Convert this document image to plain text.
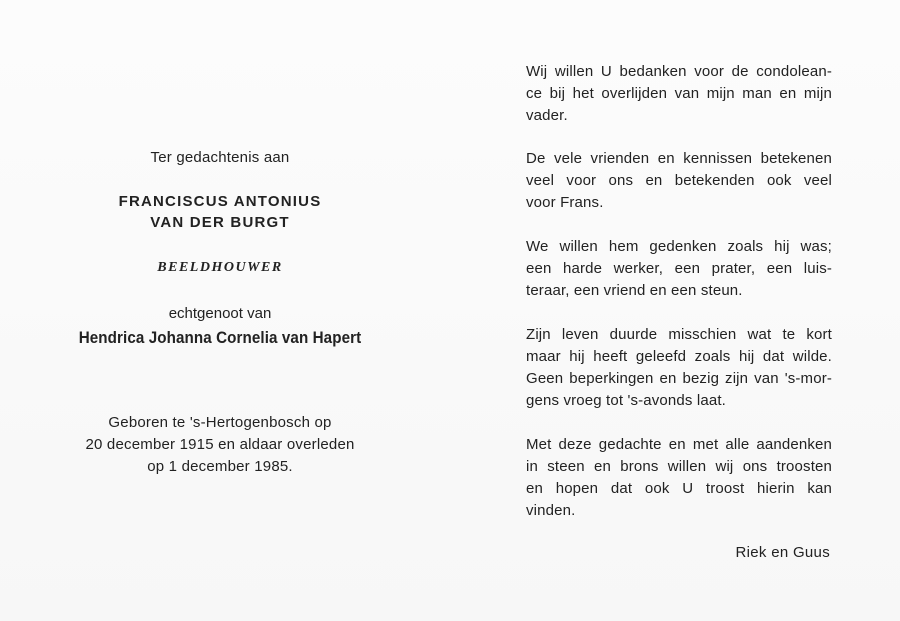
Ter gedachtenis aan
FRANCISCUS ANTONIUS
VAN DER BURGT
BEELDHOUWER
echtgenoot van
Hendrica Johanna Cornelia van Hapert
Geboren te 's-Hertogenbosch op
20 december 1915 en aldaar overleden
op 1 december 1985.
Wij willen U bedanken voor de condolean-
ce bij het overlijden van mijn man en mijn
vader.
De vele vrienden en kennissen betekenen
veel voor ons en betekenden ook veel
voor Frans.
We willen hem gedenken zoals hij was;
een harde werker, een prater, een luis-
teraar, een vriend en een steun.
Zijn leven duurde misschien wat te kort
maar hij heeft geleefd zoals hij dat wilde.
Geen beperkingen en bezig zijn van 's-mor-
gens vroeg tot 's-avonds laat.
Met deze gedachte en met alle aandenken
in steen en brons willen wij ons troosten
en hopen dat ook U troost hierin kan
vinden.
Riek en Guus
